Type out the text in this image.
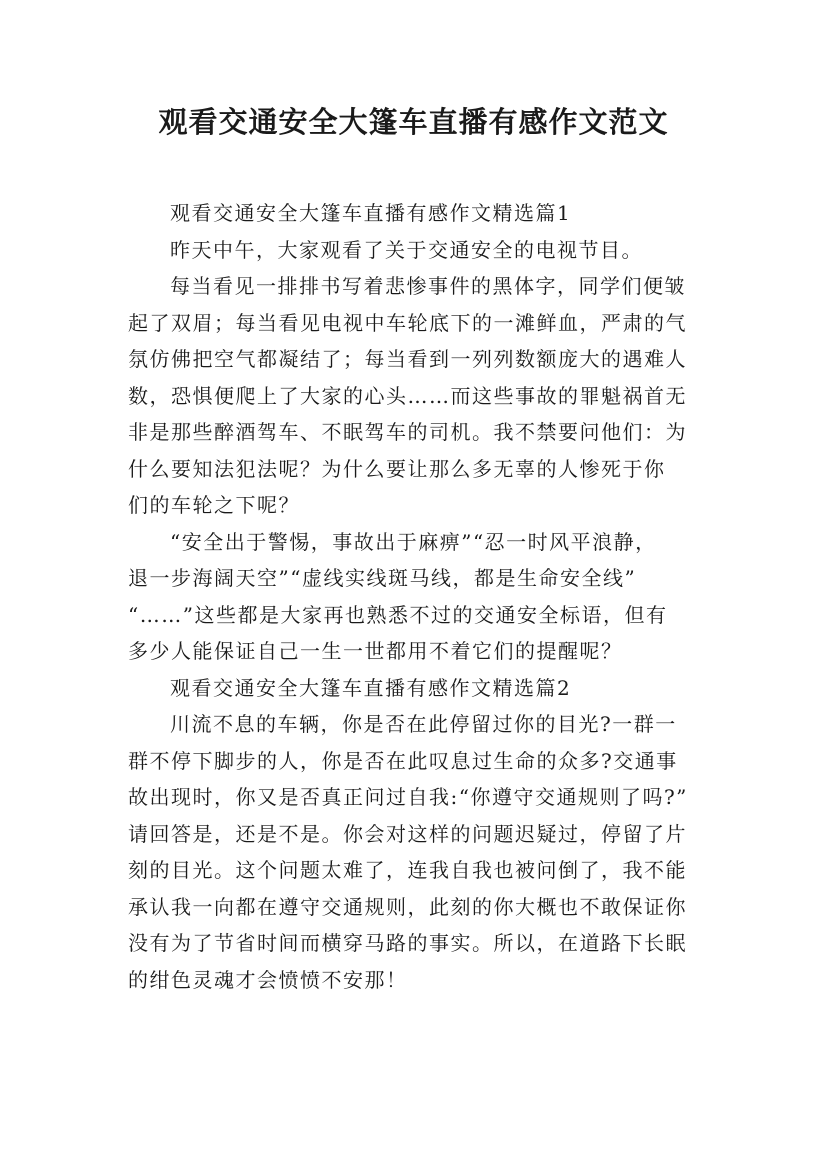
观看交通安全大篷车直播有感作文范文
观看交通安全大篷车直播有感作文精选篇1
昨天中午，大家观看了关于交通安全的电视节目。
每当看见一排排书写着悲惨事件的黑体字，同学们便皱
起了双眉；每当看见电视中车轮底下的一滩鲜血，严肃的气
氛仿佛把空气都凝结了；每当看到一列列数额庞大的遇难人
数，恐惧便爬上了大家的心头……而这些事故的罪魁祸首无
非是那些醉酒驾车、不眠驾车的司机。我不禁要问他们：为
什么要知法犯法呢？为什么要让那么多无辜的人惨死于你
们的车轮之下呢？
“安全出于警惕，事故出于麻痹”“忍一时风平浪静，
退一步海阔天空”“虚线实线斑马线，都是生命安全线”
“……”这些都是大家再也熟悉不过的交通安全标语，但有
多少人能保证自己一生一世都用不着它们的提醒呢？
观看交通安全大篷车直播有感作文精选篇2
川流不息的车辆，你是否在此停留过你的目光?一群一
群不停下脚步的人，你是否在此叹息过生命的众多?交通事
故出现时，你又是否真正问过自我:“你遵守交通规则了吗?”
请回答是，还是不是。你会对这样的问题迟疑过，停留了片
刻的目光。这个问题太难了，连我自我也被问倒了，我不能
承认我一向都在遵守交通规则，此刻的你大概也不敢保证你
没有为了节省时间而横穿马路的事实。所以，在道路下长眠
的绀色灵魂才会愤愤不安那！
